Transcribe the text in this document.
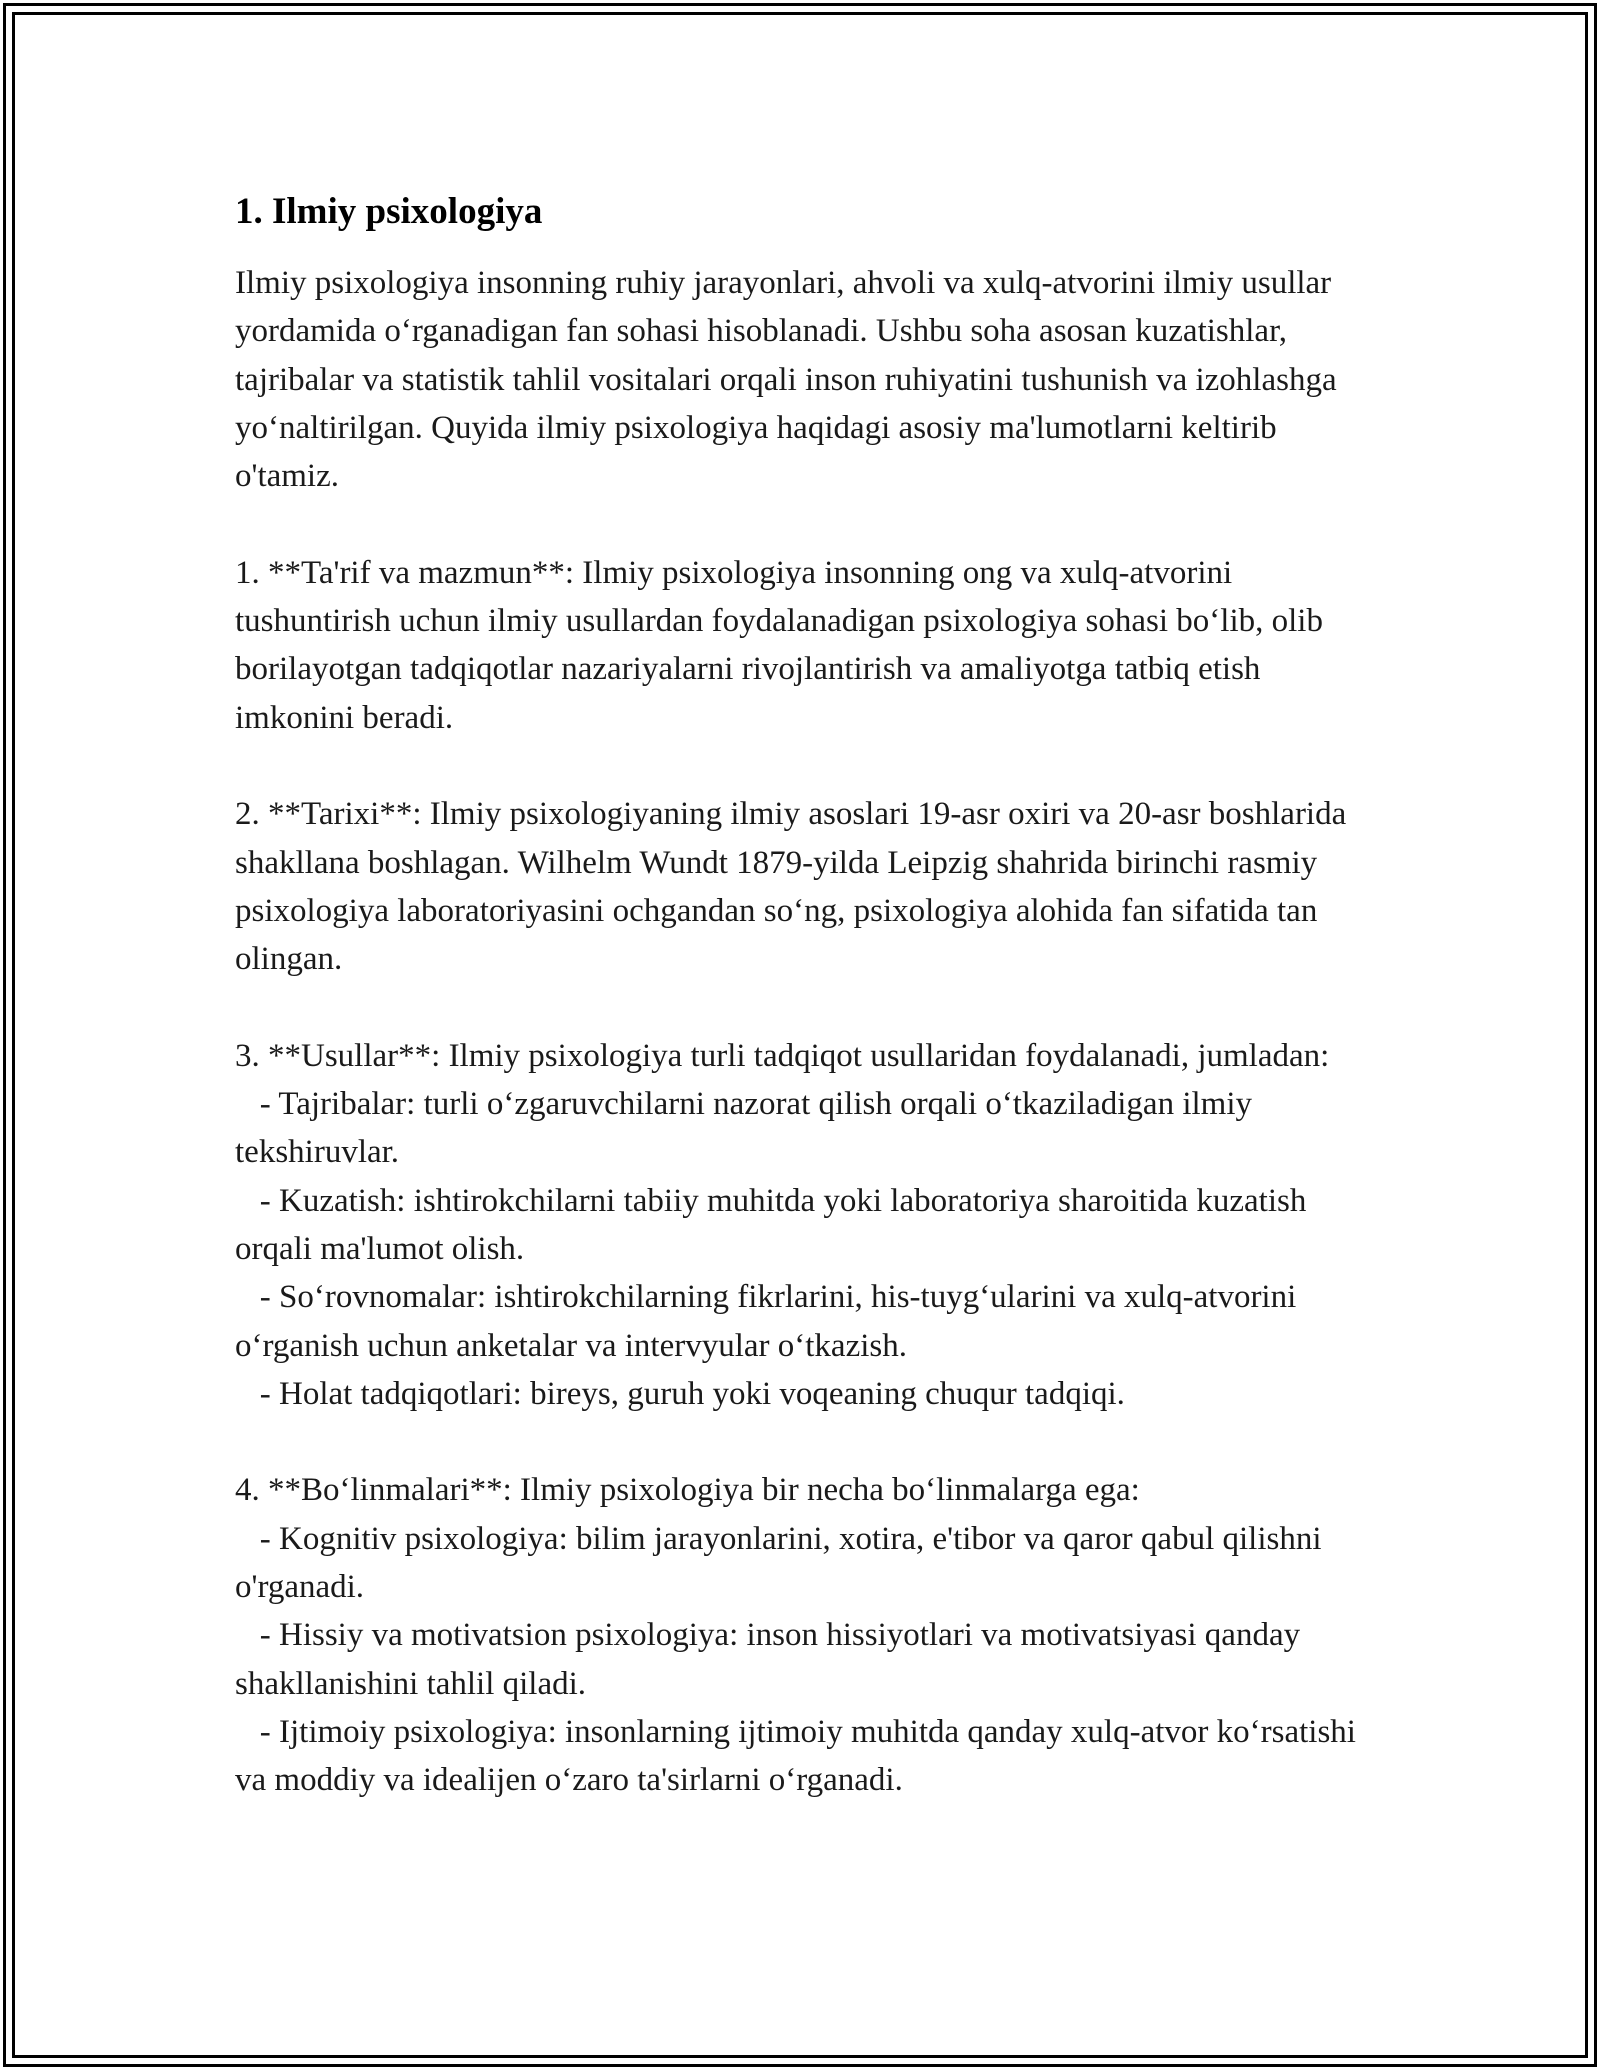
1. Ilmiy psixologiya

Ilmiy psixologiya insonning ruhiy jarayonlari, ahvoli va xulq-atvorini ilmiy usullar yordamida o‘rganadigan fan sohasi hisoblanadi. Ushbu soha asosan kuzatishlar, tajribalar va statistik tahlil vositalari orqali inson ruhiyatini tushunish va izohlashga yo‘naltirilgan. Quyida ilmiy psixologiya haqidagi asosiy ma'lumotlarni keltirib o'tamiz.

1. **Ta'rif va mazmun**: Ilmiy psixologiya insonning ong va xulq-atvorini tushuntirish uchun ilmiy usullardan foydalanadigan psixologiya sohasi bo‘lib, olib borilayotgan tadqiqotlar nazariyalarni rivojlantirish va amaliyotga tatbiq etish imkonini beradi.

2. **Tarixi**: Ilmiy psixologiyaning ilmiy asoslari 19-asr oxiri va 20-asr boshlarida shakllana boshlagan. Wilhelm Wundt 1879-yilda Leipzig shahrida birinchi rasmiy psixologiya laboratoriyasini ochgandan so‘ng, psixologiya alohida fan sifatida tan olingan.

3. **Usullar**: Ilmiy psixologiya turli tadqiqot usullaridan foydalanadi, jumladan:
- Tajribalar: turli o‘zgaruvchilarni nazorat qilish orqali o‘tkaziladigan ilmiy tekshiruvlar.
- Kuzatish: ishtirokchilarni tabiiy muhitda yoki laboratoriya sharoitida kuzatish orqali ma'lumot olish.
- So‘rovnomalar: ishtirokchilarning fikrlarini, his-tuyg‘ularini va xulq-atvorini o‘rganish uchun anketalar va intervyular o‘tkazish.
- Holat tadqiqotlari: bireys, guruh yoki voqeaning chuqur tadqiqi.

4. **Bo‘linmalari**: Ilmiy psixologiya bir necha bo‘linmalarga ega:
- Kognitiv psixologiya: bilim jarayonlarini, xotira, e'tibor va qaror qabul qilishni o'rganadi.
- Hissiy va motivatsion psixologiya: inson hissiyotlari va motivatsiyasi qanday shakllanishini tahlil qiladi.
- Ijtimoiy psixologiya: insonlarning ijtimoiy muhitda qanday xulq-atvor ko‘rsatishi va moddiy va idealijen o‘zaro ta'sirlarni o‘rganadi.
